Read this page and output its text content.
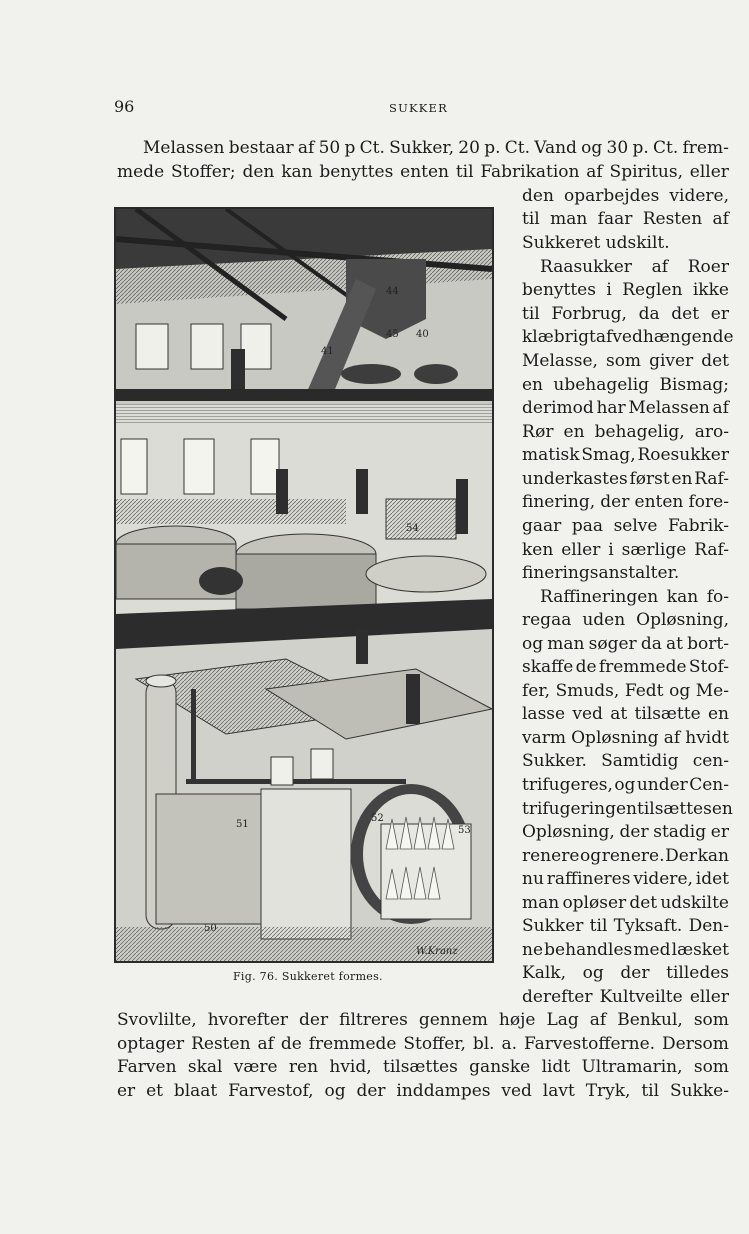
96	SUKKER
44
45
41
40
54
51
52
53
50
W.Kranz
Fig. 76. Sukkeret formes.
Melassen bestaar af 50 p Ct. Sukker, 20 p. Ct. Vand og 30 p. Ct. frem-
mede Stoffer; den kan benyttes enten til Fabrikation af Spiritus, eller
den oparbejdes videre,
til man faar Resten af
Sukkeret udskilt.
Raasukker af Roer
benyttes i Reglen ikke
til Forbrug, da det er
klæbrigt af vedhængende
Melasse, som giver det
en ubehagelig Bismag;
derimod har Melassen af
Rør en behagelig, aro-
matisk Smag, Roesukker
underkastes først en Raf-
finering, der enten fore-
gaar paa selve Fabrik-
ken eller i særlige Raf-
fineringsanstalter.
Raffineringen kan fo-
regaa uden Opløsning,
og man søger da at bort-
skaffe de fremmede Stof-
fer, Smuds, Fedt og Me-
lasse ved at tilsætte en
varm Opløsning af hvidt
Sukker. Samtidig cen-
trifugeres, og under Cen-
trifugeringen tilsættes en
Opløsning, der stadig er
renere og renere. Der kan
nu raffineres videre, idet
man opløser det udskilte
Sukker til Tyksaft. Den-
ne behandles med læsket
Kalk, og der tilledes
derefter Kultveilte eller
Svovlilte, hvorefter der filtreres gennem høje Lag af Benkul, som
optager Resten af de fremmede Stoffer, bl. a. Farvestofferne. Dersom
Farven skal være ren hvid, tilsættes ganske lidt Ultramarin, som
er et blaat Farvestof, og der inddampes ved lavt Tryk, til Sukke-
